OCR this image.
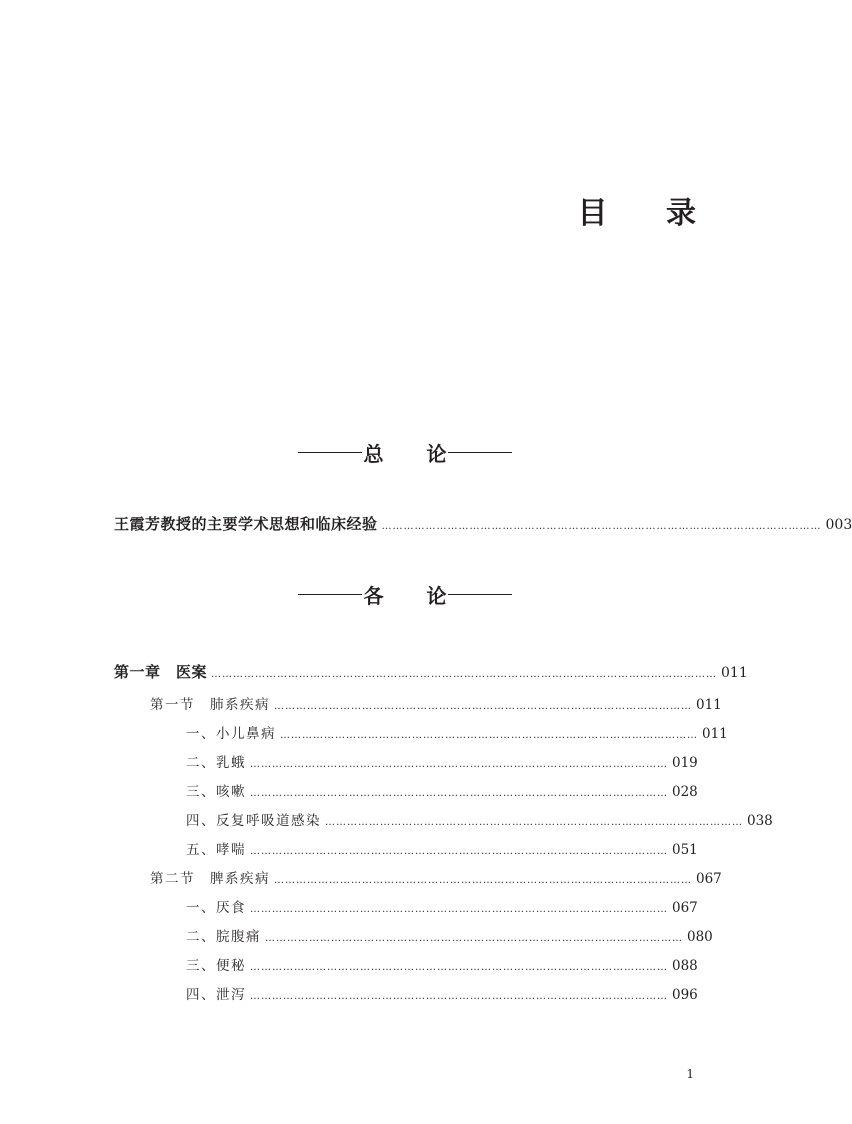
目 录
总 论
王霞芳教授的主要学术思想和临床经验 ………………………………………………………………………………………………………… 003
各 论
第一章　医案 ………………………………………………………………………………………………………………………… 011
第一节　肺系疾病 …………………………………………………………………………………………………… 011
一、小儿鼻病 …………………………………………………………………………………………………… 011
二、乳蛾 …………………………………………………………………………………………………… 019
三、咳嗽 …………………………………………………………………………………………………… 028
四、反复呼吸道感染 …………………………………………………………………………………………………… 038
五、哮喘 …………………………………………………………………………………………………… 051
第二节　脾系疾病 …………………………………………………………………………………………………… 067
一、厌食 …………………………………………………………………………………………………… 067
二、脘腹痛 …………………………………………………………………………………………………… 080
三、便秘 …………………………………………………………………………………………………… 088
四、泄泻 …………………………………………………………………………………………………… 096
1
